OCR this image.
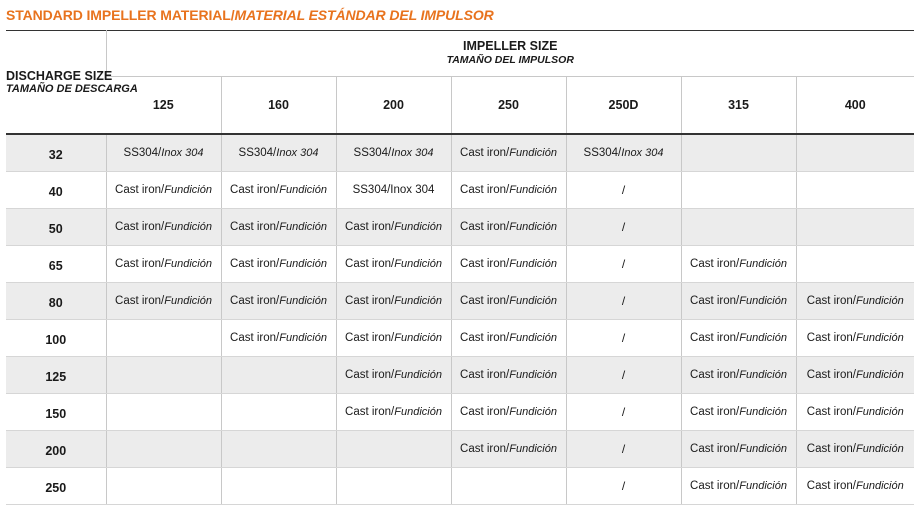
STANDARD IMPELLER MATERIAL/MATERIAL ESTÁNDAR DEL IMPULSOR
DISCHARGE SIZE
TAMAÑO DE DESCARGA	IMPELLER SIZE
TAMAÑO DEL IMPULSOR						

	125	160	200	250	250D	315	400
32	SS304/Inox 304	SS304/Inox 304	SS304/Inox 304	Cast iron/Fundición	SS304/Inox 304		
40	Cast iron/Fundición	Cast iron/Fundición	SS304/Inox 304	Cast iron/Fundición	/		
50	Cast iron/Fundición	Cast iron/Fundición	Cast iron/Fundición	Cast iron/Fundición	/		
65	Cast iron/Fundición	Cast iron/Fundición	Cast iron/Fundición	Cast iron/Fundición	/	Cast iron/Fundición	
80	Cast iron/Fundición	Cast iron/Fundición	Cast iron/Fundición	Cast iron/Fundición	/	Cast iron/Fundición	Cast iron/Fundición
100		Cast iron/Fundición	Cast iron/Fundición	Cast iron/Fundición	/	Cast iron/Fundición	Cast iron/Fundición
125			Cast iron/Fundición	Cast iron/Fundición	/	Cast iron/Fundición	Cast iron/Fundición
150			Cast iron/Fundición	Cast iron/Fundición	/	Cast iron/Fundición	Cast iron/Fundición
200				Cast iron/Fundición	/	Cast iron/Fundición	Cast iron/Fundición
250					/	Cast iron/Fundición	Cast iron/Fundición
